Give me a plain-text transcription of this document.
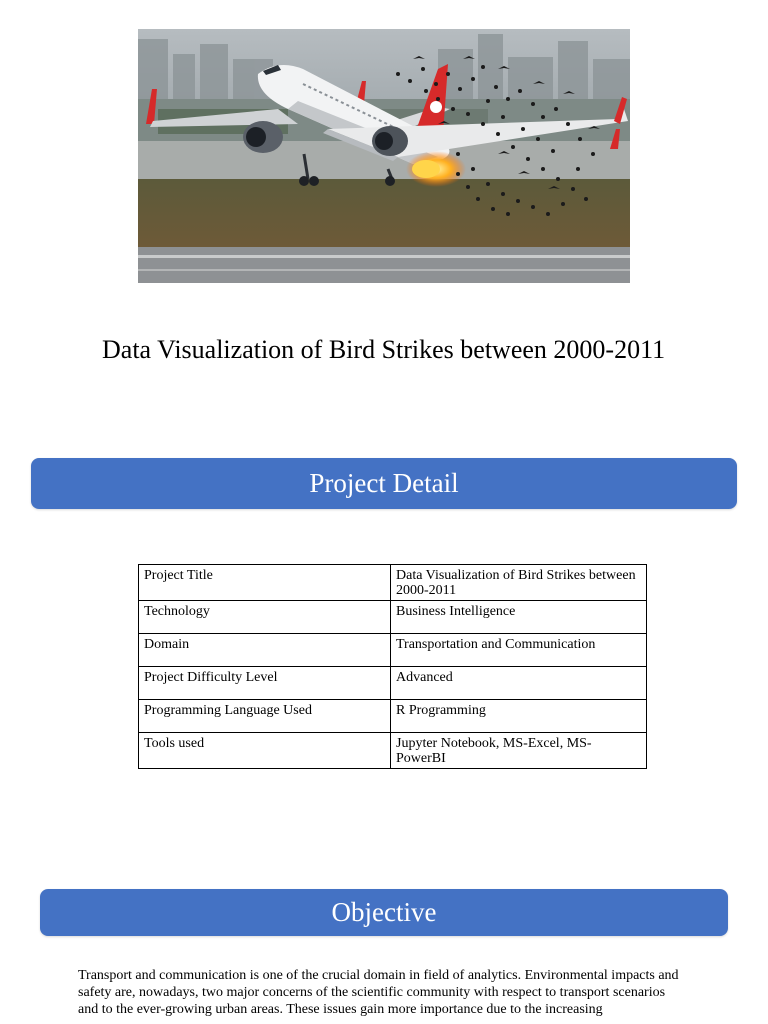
Data Visualization of Bird Strikes between 2000-2011
Project Detail
Project Title	Data Visualization of Bird Strikes between 2000-2011
Technology	Business Intelligence
Domain	Transportation and Communication
Project Difficulty Level	Advanced
Programming Language Used	R Programming
Tools used	Jupyter Notebook, MS-Excel, MS-PowerBI
Objective

Transport and communication is one of the crucial domain in field of analytics. Environmental impacts and safety are, nowadays, two major concerns of the scientific community with respect to transport scenarios and to the ever-growing urban areas. These issues gain more importance due to the increasing
